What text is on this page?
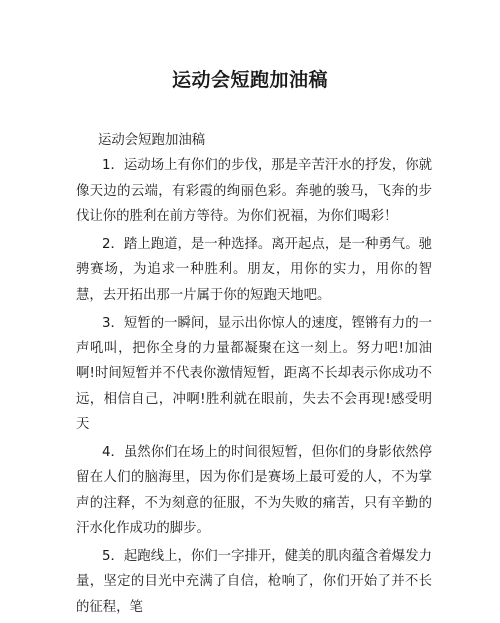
运动会短跑加油稿

运动会短跑加油稿

1．运动场上有你们的步伐，那是辛苦汗水的抒发，你就像天边的云端，有彩霞的绚丽色彩。奔驰的骏马，飞奔的步伐让你的胜利在前方等待。为你们祝福，为你们喝彩！

2．踏上跑道，是一种选择。离开起点，是一种勇气。驰骋赛场，为追求一种胜利。朋友，用你的实力，用你的智慧，去开拓出那一片属于你的短跑天地吧。

3．短暂的一瞬间，显示出你惊人的速度，铿锵有力的一声吼叫，把你全身的力量都凝聚在这一刻上。努力吧!加油啊!时间短暂并不代表你激情短暂，距离不长却表示你成功不远，相信自己，冲啊!胜利就在眼前，失去不会再现!感受明天

4．虽然你们在场上的时间很短暂，但你们的身影依然停留在人们的脑海里，因为你们是赛场上最可爱的人，不为掌声的注释，不为刻意的征服，不为失败的痛苦，只有辛勤的汗水化作成功的脚步。

5．起跑线上，你们一字排开，健美的肌肉蕴含着爆发力量，坚定的目光中充满了自信，枪响了，你们开始了并不长的征程，笔
